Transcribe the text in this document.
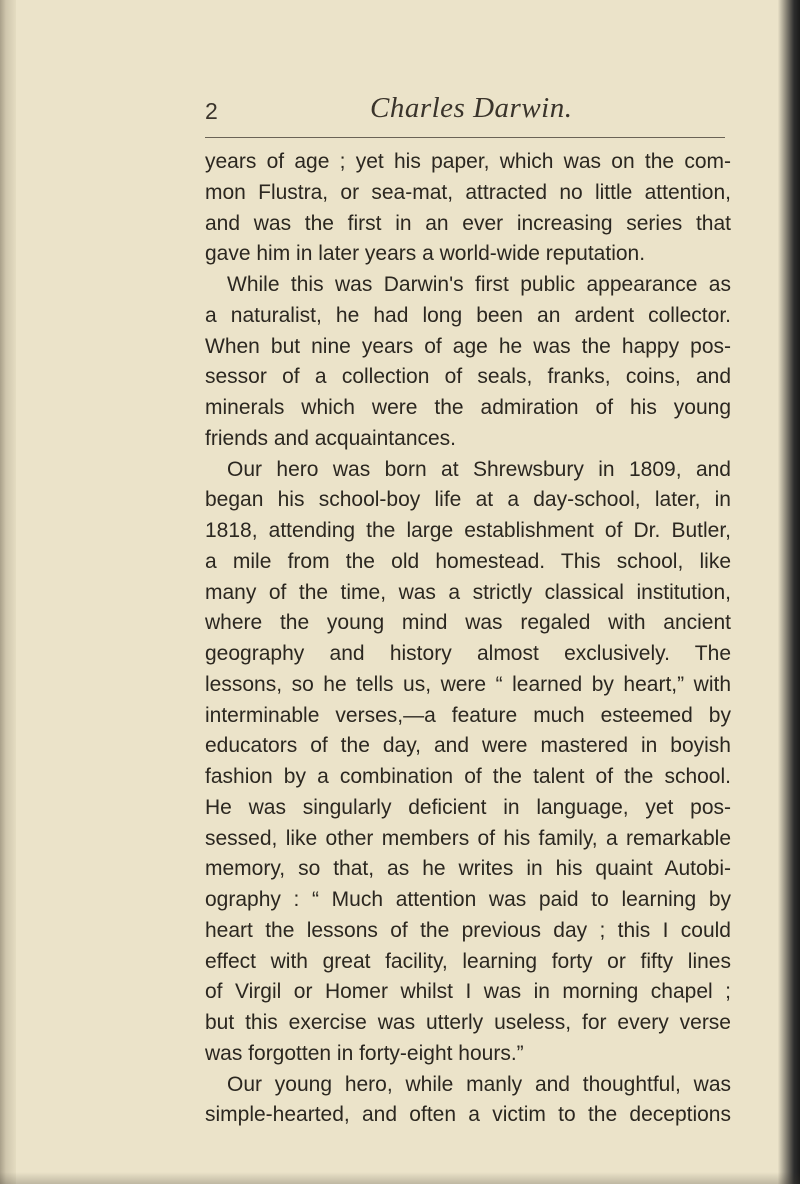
2	Charles Darwin.
years of age ; yet his paper, which was on the com-
mon Flustra, or sea-mat, attracted no little attention,
and was the first in an ever increasing series that
gave him in later years a world-wide reputation.
While this was Darwin's first public appearance as
a naturalist, he had long been an ardent collector.
When but nine years of age he was the happy pos-
sessor of a collection of seals, franks, coins, and
minerals which were the admiration of his young
friends and acquaintances.
Our hero was born at Shrewsbury in 1809, and
began his school-boy life at a day-school, later, in
1818, attending the large establishment of Dr. Butler,
a mile from the old homestead. This school, like
many of the time, was a strictly classical institution,
where the young mind was regaled with ancient
geography and history almost exclusively. The
lessons, so he tells us, were “ learned by heart,” with
interminable verses,—a feature much esteemed by
educators of the day, and were mastered in boyish
fashion by a combination of the talent of the school.
He was singularly deficient in language, yet pos-
sessed, like other members of his family, a remarkable
memory, so that, as he writes in his quaint Autobi-
ography : “ Much attention was paid to learning by
heart the lessons of the previous day ; this I could
effect with great facility, learning forty or fifty lines
of Virgil or Homer whilst I was in morning chapel ;
but this exercise was utterly useless, for every verse
was forgotten in forty-eight hours.”
Our young hero, while manly and thoughtful, was
simple-hearted, and often a victim to the deceptions
